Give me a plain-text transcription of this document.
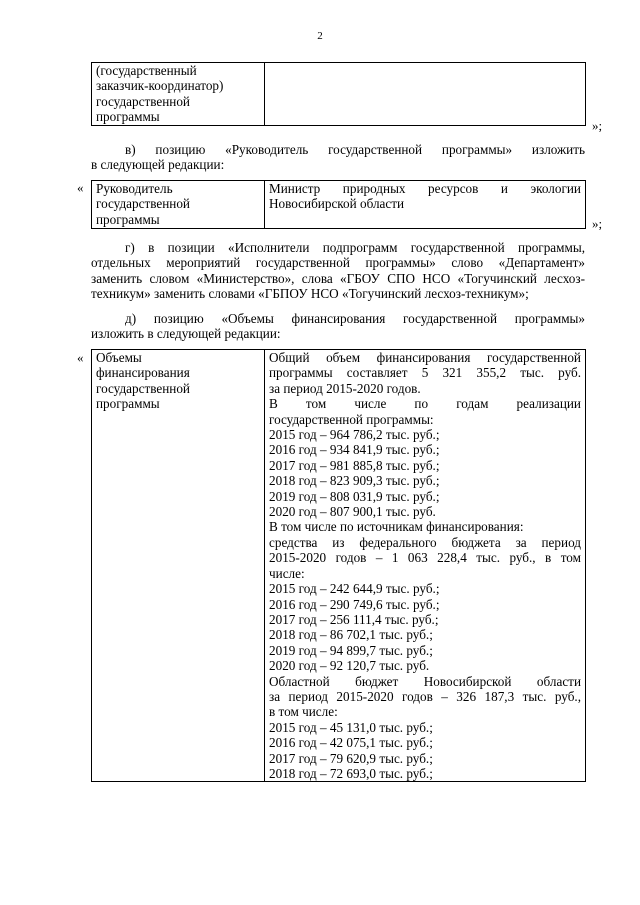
2
(государственный
заказчик-координатор)
государственной
программы

»;
в) позицию «Руководитель государственной программы» изложить
в следующей редакции:
« Руководитель
государственной
программы

Министр природных ресурсов и экологии
Новосибирской области
»;
г) в позиции «Исполнители подпрограмм государственной программы,
отдельных мероприятий государственной программы» слово «Департамент»
заменить словом «Министерство», слова «ГБОУ СПО НСО «Тогучинский лесхоз-
техникум» заменить словами «ГБПОУ НСО «Тогучинский лесхоз-техникум»;
д) позицию «Объемы финансирования государственной программы»
изложить в следующей редакции:
« Объемы
финансирования
государственной
программы

Общий объем финансирования государственной
программы составляет 5 321 355,2 тыс. руб.
за период 2015-2020 годов.
В том числе по годам реализации
государственной программы:
2015 год – 964 786,2 тыс. руб.;
2016 год – 934 841,9 тыс. руб.;
2017 год – 981 885,8 тыс. руб.;
2018 год – 823 909,3 тыс. руб.;
2019 год – 808 031,9 тыс. руб.;
2020 год – 807 900,1 тыс. руб.
В том числе по источникам финансирования:
средства из федерального бюджета за период
2015-2020 годов – 1 063 228,4 тыс. руб., в том
числе:
2015 год – 242 644,9 тыс. руб.;
2016 год – 290 749,6 тыс. руб.;
2017 год – 256 111,4 тыс. руб.;
2018 год – 86 702,1 тыс. руб.;
2019 год – 94 899,7 тыс. руб.;
2020 год – 92 120,7 тыс. руб.
Областной бюджет Новосибирской области
за период 2015-2020 годов – 326 187,3 тыс. руб.,
в том числе:
2015 год – 45 131,0 тыс. руб.;
2016 год – 42 075,1 тыс. руб.;
2017 год – 79 620,9 тыс. руб.;
2018 год – 72 693,0 тыс. руб.;
